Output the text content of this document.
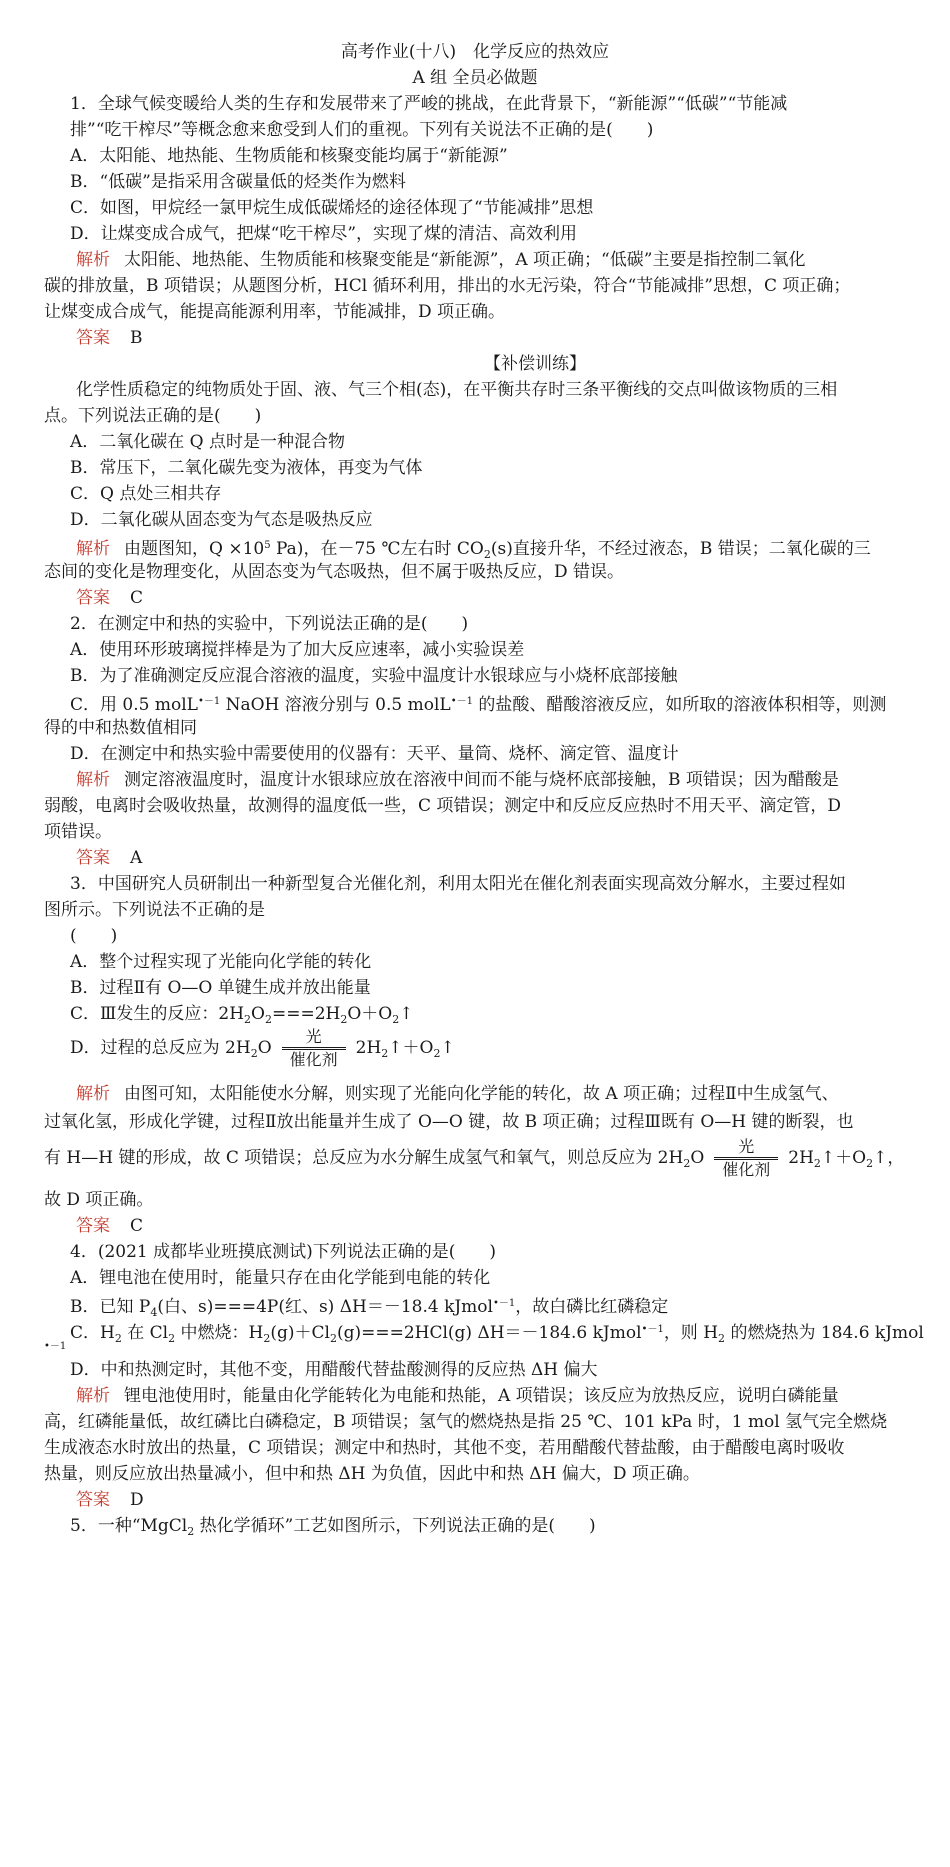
高考作业(十八)　化学反应的热效应
A 组 全员必做题
1．全球气候变暖给人类的生存和发展带来了严峻的挑战，在此背景下，“新能源”“低碳”“节能减
排”“吃干榨尽”等概念愈来愈受到人们的重视。下列有关说法不正确的是(　　)
A．太阳能、地热能、生物质能和核聚变能均属于“新能源”
B．“低碳”是指采用含碳量低的烃类作为燃料
C．如图，甲烷经一氯甲烷生成低碳烯烃的途径体现了“节能减排”思想
D．让煤变成合成气，把煤“吃干榨尽”，实现了煤的清洁、高效利用
解析 太阳能、地热能、生物质能和核聚变能是“新能源”，A 项正确；“低碳”主要是指控制二氧化
碳的排放量，B 项错误；从题图分析，HCl 循环利用，排出的水无污染，符合“节能减排”思想，C 项正确；
让煤变成合成气，能提高能源利用率，节能减排，D 项正确。
答案 B
【补偿训练】
化学性质稳定的纯物质处于固、液、气三个相(态)，在平衡共存时三条平衡线的交点叫做该物质的三相
点。下列说法正确的是(　　)
A．二氧化碳在 Q 点时是一种混合物
B．常压下，二氧化碳先变为液体，再变为气体
C．Q 点处三相共存
D．二氧化碳从固态变为气态是吸热反应
解析 由题图知，$Q \times 10^5$ Pa)，在－75 ℃左右时 $CO_2(s)$直接升华，不经过液态，B 错误；二氧化碳的三
态间的变化是物理变化，从固态变为气态吸热，但不属于吸热反应，D 错误。
答案 C
2．在测定中和热的实验中，下列说法正确的是(　　)
A．使用环形玻璃搅拌棒是为了加大反应速率，减小实验误差
B．为了准确测定反应混合溶液的温度，实验中温度计水银球应与小烧杯底部接触
C．用 0.5 molL$^{•-1}$ NaOH 溶液分别与 0.5 molL$^{•-1}$ 的盐酸、醋酸溶液反应，如所取的溶液体积相等，则测
得的中和热数值相同
D．在测定中和热实验中需要使用的仪器有：天平、量筒、烧杯、滴定管、温度计
解析 测定溶液温度时，温度计水银球应放在溶液中间而不能与烧杯底部接触，B 项错误；因为醋酸是
弱酸，电离时会吸收热量，故测得的温度低一些，C 项错误；测定中和反应反应热时不用天平、滴定管，D
项错误。
答案 A
3．中国研究人员研制出一种新型复合光催化剂，利用太阳光在催化剂表面实现高效分解水，主要过程如
图所示。下列说法不正确的是
(　　)
A．整个过程实现了光能向化学能的转化
B．过程Ⅱ有 O—O 单键生成并放出能量
C．Ⅲ发生的反应：$2H_2O_2===2H_2O+O_2↑$
D．过程的总反应为 $2H_2O$
光
催化剂
$2H_2↑+O_2↑$
解析 由图可知，太阳能使水分解，则实现了光能向化学能的转化，故 A 项正确；过程Ⅱ中生成氢气、
过氧化氢，形成化学键，过程Ⅱ放出能量并生成了 O—O 键，故 B 项正确；过程Ⅲ既有 O—H 键的断裂，也
有 H—H 键的形成，故 C 项错误；总反应为水分解生成氢气和氧气，则总反应为 $2H_2O$
光
催化剂
$2H_2↑+O_2↑$，
故 D 项正确。
答案 C
4．(2021 成都毕业班摸底测试)下列说法正确的是(　　)
A．锂电池在使用时，能量只存在由化学能到电能的转化
B．已知 $P_4$(白、s)===4P(红、s) ΔH＝－18.4 kJmol$^{•-1}$，故白磷比红磷稳定
C．$H_2$ 在 $Cl_2$ 中燃烧：$H_2(g)+Cl_2(g)===2HCl(g)$ ΔH＝－184.6 kJmol$^{•-1}$，则 $H_2$ 的燃烧热为 184.6 kJmol
•－1
D．中和热测定时，其他不变，用醋酸代替盐酸测得的反应热 ΔH 偏大
解析 锂电池使用时，能量由化学能转化为电能和热能，A 项错误；该反应为放热反应，说明白磷能量
高，红磷能量低，故红磷比白磷稳定，B 项错误；氢气的燃烧热是指 25 ℃、101 kPa 时，1 mol 氢气完全燃烧
生成液态水时放出的热量，C 项错误；测定中和热时，其他不变，若用醋酸代替盐酸，由于醋酸电离时吸收
热量，则反应放出热量减小，但中和热 ΔH 为负值，因此中和热 ΔH 偏大，D 项正确。
答案 D
5．一种“MgCl$_2$ 热化学循环”工艺如图所示，下列说法正确的是(　　)
